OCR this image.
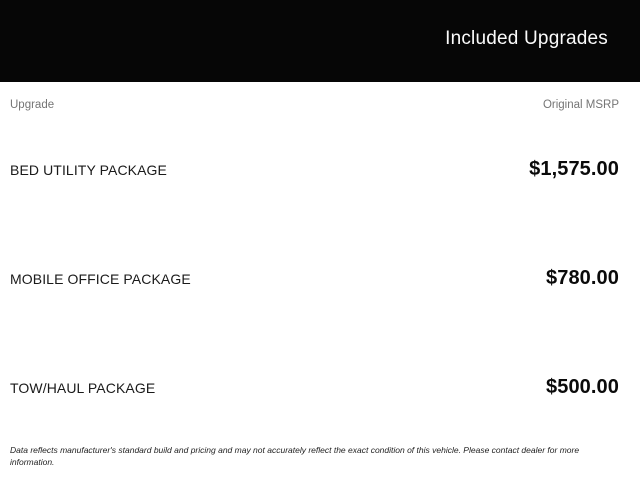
Included Upgrades
Upgrade	Original MSRP
BED UTILITY PACKAGE	$1,575.00
MOBILE OFFICE PACKAGE	$780.00
TOW/HAUL PACKAGE	$500.00
Data reflects manufacturer's standard build and pricing and may not accurately reflect the exact condition of this vehicle. Please contact dealer for more information.
